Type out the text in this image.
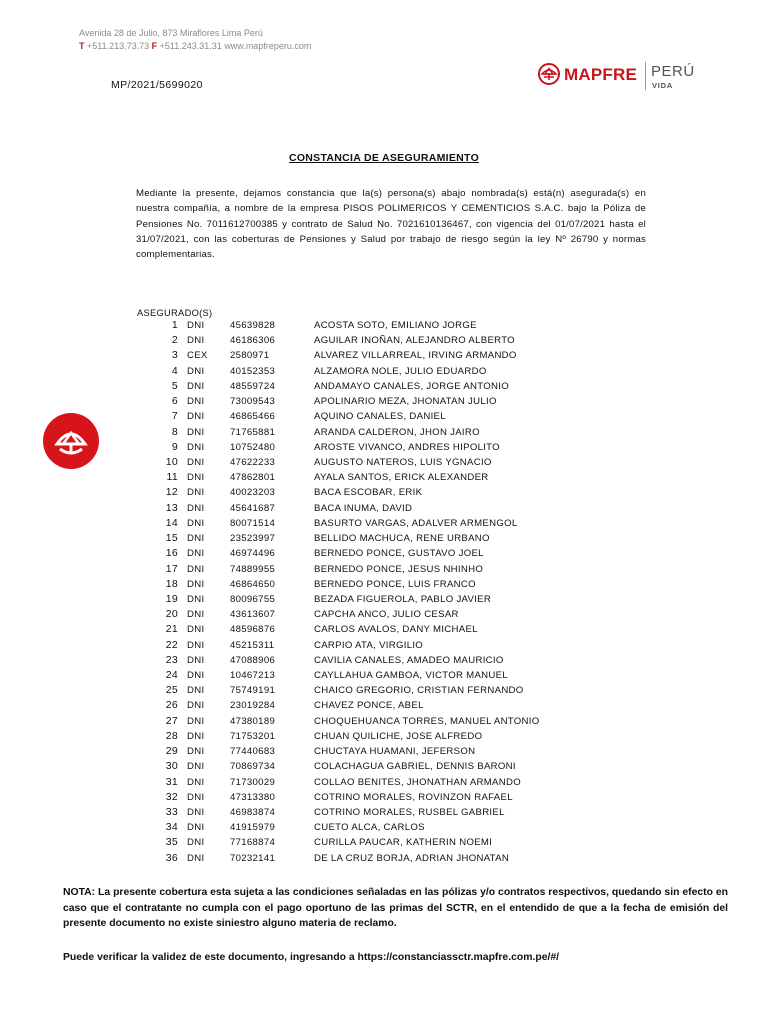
Avenida 28 de Julio, 873 Miraflores Lima Perú
T +511.213.73.73 F +511.243.31.31 www.mapfreperu.com
MP/2021/5699020
MAPFRE PERÚ
VIDA
CONSTANCIA DE ASEGURAMIENTO
Mediante la presente, dejamos constancia que la(s) persona(s) abajo nombrada(s) está(n) asegurada(s) en nuestra compañía, a nombre de la empresa PISOS POLIMERICOS Y CEMENTICIOS S.A.C. bajo la Póliza de Pensiones No. 7011612700385 y contrato de Salud No. 7021610136467, con vigencia del 01/07/2021 hasta el 31/07/2021, con las coberturas de Pensiones y Salud por trabajo de riesgo según la ley Nº 26790 y normas complementarias.
ASEGURADO(S)
1 DNI	45639828	ACOSTA SOTO, EMILIANO JORGE
2 DNI	46186306	AGUILAR INOÑAN, ALEJANDRO ALBERTO
3 CEX 2580971	ALVAREZ VILLARREAL, IRVING ARMANDO
4 DNI	40152353	ALZAMORA NOLE, JULIO EDUARDO
5 DNI	48559724	ANDAMAYO CANALES, JORGE ANTONIO
6 DNI	73009543	APOLINARIO MEZA, JHONATAN JULIO
7 DNI	46865466	AQUINO CANALES, DANIEL
8 DNI	71765881	ARANDA CALDERON, JHON JAIRO
9 DNI	10752480	AROSTE VIVANCO, ANDRES HIPOLITO
10 DNI	47622233	AUGUSTO NATEROS, LUIS YGNACIO
11 DNI	47862801	AYALA SANTOS, ERICK ALEXANDER
12 DNI	40023203	BACA ESCOBAR, ERIK
13 DNI	45641687	BACA INUMA, DAVID
14 DNI	80071514	BASURTO VARGAS, ADALVER ARMENGOL
15 DNI	23523997	BELLIDO MACHUCA, RENE URBANO
16 DNI	46974496	BERNEDO PONCE, GUSTAVO JOEL
17 DNI	74889955	BERNEDO PONCE, JESUS NHINHO
18 DNI	46864650	BERNEDO PONCE, LUIS FRANCO
19 DNI	80096755	BEZADA FIGUEROLA, PABLO JAVIER
20 DNI	43613607	CAPCHA ANCO, JULIO CESAR
21 DNI	48596876	CARLOS AVALOS, DANY MICHAEL
22 DNI	45215311	CARPIO ATA, VIRGILIO
23 DNI	47088906	CAVILIA CANALES, AMADEO MAURICIO
24 DNI	10467213	CAYLLAHUA GAMBOA, VICTOR MANUEL
25 DNI	75749191	CHAICO GREGORIO, CRISTIAN FERNANDO
26 DNI	23019284	CHAVEZ PONCE, ABEL
27 DNI	47380189	CHOQUEHUANCA TORRES, MANUEL ANTONIO
28 DNI	71753201	CHUAN QUILICHE, JOSE ALFREDO
29 DNI	77440683	CHUCTAYA HUAMANI, JEFERSON
30 DNI	70869734	COLACHAGUA GABRIEL, DENNIS BARONI
31 DNI	71730029	COLLAO BENITES, JHONATHAN ARMANDO
32 DNI	47313380	COTRINO MORALES, ROVINZON RAFAEL
33 DNI	46983874	COTRINO MORALES, RUSBEL GABRIEL
34 DNI	41915979	CUETO ALCA, CARLOS
35 DNI	77168874	CURILLA PAUCAR, KATHERIN NOEMI
36 DNI	70232141	DE LA CRUZ BORJA, ADRIAN JHONATAN
NOTA: La presente cobertura esta sujeta a las condiciones señaladas en las pólizas y/o contratos respectivos, quedando sin efecto en caso que el contratante no cumpla con el pago oportuno de las primas del SCTR, en el entendido de que a la fecha de emisión del presente documento no existe siniestro alguno materia de reclamo.
Puede verificar la validez de este documento, ingresando a https://constanciassctr.mapfre.com.pe/#/
